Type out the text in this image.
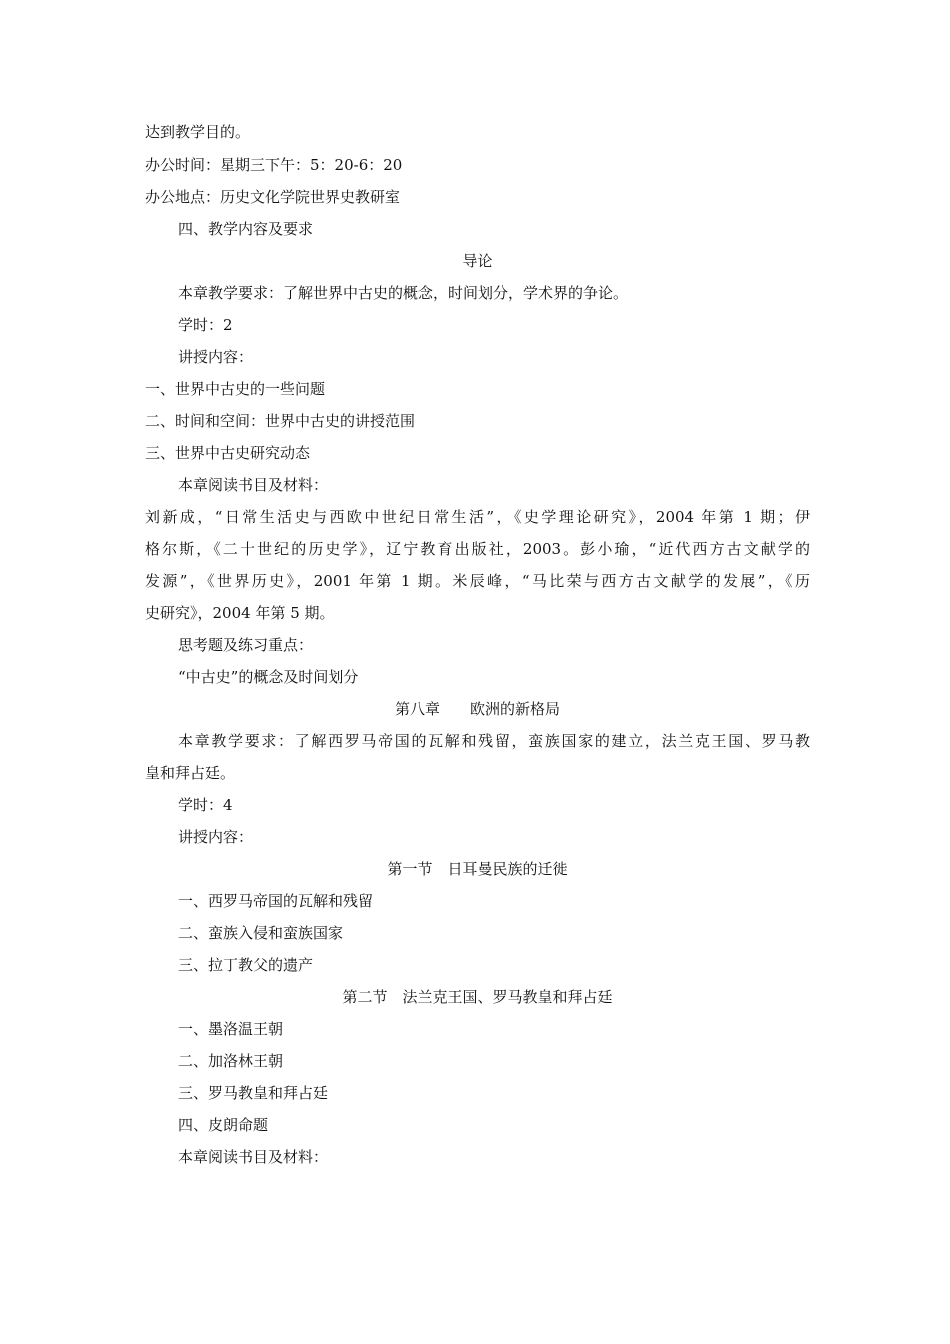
达到教学目的。
办公时间：星期三下午：5：20-6：20
办公地点：历史文化学院世界史教研室
四、教学内容及要求
导论
本章教学要求：了解世界中古史的概念，时间划分，学术界的争论。
学时：2
讲授内容：
一、世界中古史的一些问题
二、时间和空间：世界中古史的讲授范围
三、世界中古史研究动态
本章阅读书目及材料：
刘新成，“日常生活史与西欧中世纪日常生活”，《史学理论研究》，2004 年第 1 期；伊
格尔斯，《二十世纪的历史学》，辽宁教育出版社，2003。彭小瑜，“近代西方古文献学的
发源”，《世界历史》，2001 年第 1 期。米辰峰，“马比荣与西方古文献学的发展”，《历
史研究》，2004 年第 5 期。
思考题及练习重点：
“中古史”的概念及时间划分
第八章　　欧洲的新格局
本章教学要求：了解西罗马帝国的瓦解和残留，蛮族国家的建立，法兰克王国、罗马教
皇和拜占廷。
学时：4
讲授内容：
第一节　日耳曼民族的迁徙
一、西罗马帝国的瓦解和残留
二、蛮族入侵和蛮族国家
三、拉丁教父的遗产
第二节　法兰克王国、罗马教皇和拜占廷
一、墨洛温王朝
二、加洛林王朝
三、罗马教皇和拜占廷
四、皮朗命题
本章阅读书目及材料：
